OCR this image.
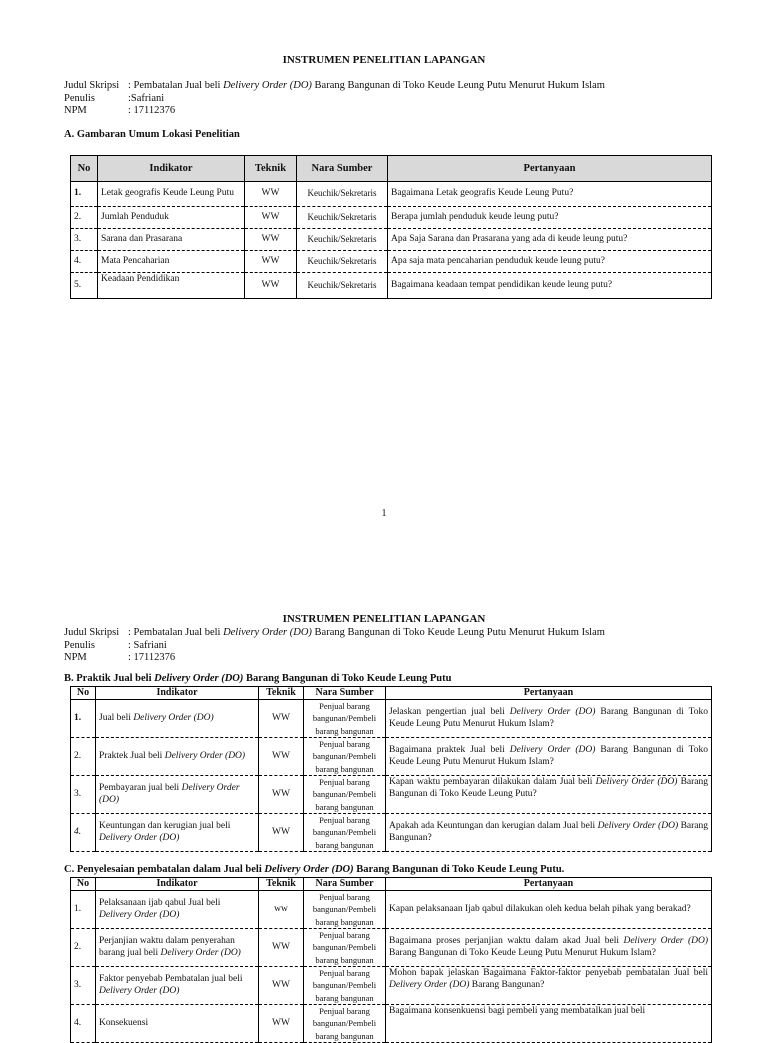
INSTRUMEN PENELITIAN LAPANGAN
Judul Skripsi : Pembatalan Jual beli Delivery Order (DO) Barang Bangunan di Toko Keude Leung Putu Menurut Hukum Islam
Penulis	:Safriani
NPM	: 17112376
A. Gambaran Umum Lokasi Penelitian
No	Indikator	Teknik	Nara Sumber	Pertanyaan
1.	Letak geografis Keude Leung Putu	WW	Keuchik/Sekretaris	Bagaimana Letak geografis Keude Leung Putu?
2.	Jumlah Penduduk	WW	Keuchik/Sekretaris	Berapa jumlah penduduk keude leung putu?
3.	Sarana dan Prasarana	WW	Keuchik/Sekretaris	Apa Saja Sarana dan Prasarana yang ada di keude leung putu?
4.	Mata Pencaharian	WW	Keuchik/Sekretaris	Apa saja mata pencaharian penduduk keude leung putu?
5.	Keadaan Pendidikan	WW	Keuchik/Sekretaris	Bagaimana keadaan tempat pendidikan keude leung putu?
1
INSTRUMEN PENELITIAN LAPANGAN
Judul Skripsi : Pembatalan Jual beli Delivery Order (DO) Barang Bangunan di Toko Keude Leung Putu Menurut Hukum Islam
Penulis	: Safriani
NPM	: 17112376
B. Praktik Jual beli Delivery Order (DO) Barang Bangunan di Toko Keude Leung Putu
No	Indikator	Teknik	Nara Sumber	Pertanyaan
1.	Jual beli Delivery Order (DO)	WW	Penjual barang
bangunan/Pembeli
barang bangunan	Jelaskan pengertian jual beli Delivery Order (DO) Barang Bangunan di Toko Keude Leung Putu Menurut Hukum Islam?
2.	Praktek Jual beli Delivery Order (DO)	WW	Penjual barang
bangunan/Pembeli
barang bangunan	Bagaimana praktek Jual beli Delivery Order (DO) Barang Bangunan di Toko Keude Leung Putu Menurut Hukum Islam?
3.	Pembayaran jual beli Delivery Order (DO)	WW	Penjual barang
bangunan/Pembeli
barang bangunan	Kapan waktu pembayaran dilakukan dalam Jual beli Delivery Order (DO) Barang Bangunan di Toko Keude Leung Putu?
4.	Keuntungan dan kerugian jual beli Delivery Order (DO)	WW	Penjual barang
bangunan/Pembeli
barang bangunan	Apakah ada Keuntungan dan kerugian dalam Jual beli Delivery Order (DO) Barang Bangunan?
C. Penyelesaian pembatalan dalam Jual beli Delivery Order (DO) Barang Bangunan di Toko Keude Leung Putu.
No	Indikator	Teknik	Nara Sumber	Pertanyaan
1.	Pelaksanaan ijab qabul Jual beli Delivery Order (DO)	ww	Penjual barang
bangunan/Pembeli
barang bangunan	Kapan pelaksanaan Ijab qabul dilakukan oleh kedua belah pihak yang berakad?
2.	Perjanjian waktu dalam penyerahan barang jual beli Delivery Order (DO)	WW	Penjual barang
bangunan/Pembeli
barang bangunan	Bagaimana proses perjanjian waktu dalam akad Jual beli Delivery Order (DO) Barang Bangunan di Toko Keude Leung Putu Menurut Hukum Islam?
3.	Faktor penyebab Pembatalan jual beli Delivery Order (DO)	WW	Penjual barang
bangunan/Pembeli
barang bangunan	Mohon bapak jelaskan Bagaimana Faktor-faktor penyebab pembatalan Jual beli Delivery Order (DO) Barang Bangunan?
4.	Konsekuensi	WW	Penjual barang
bangunan/Pembeli
barang bangunan	Bagaimana konsenkuensi bagi pembeli yang membatalkan jual beli
